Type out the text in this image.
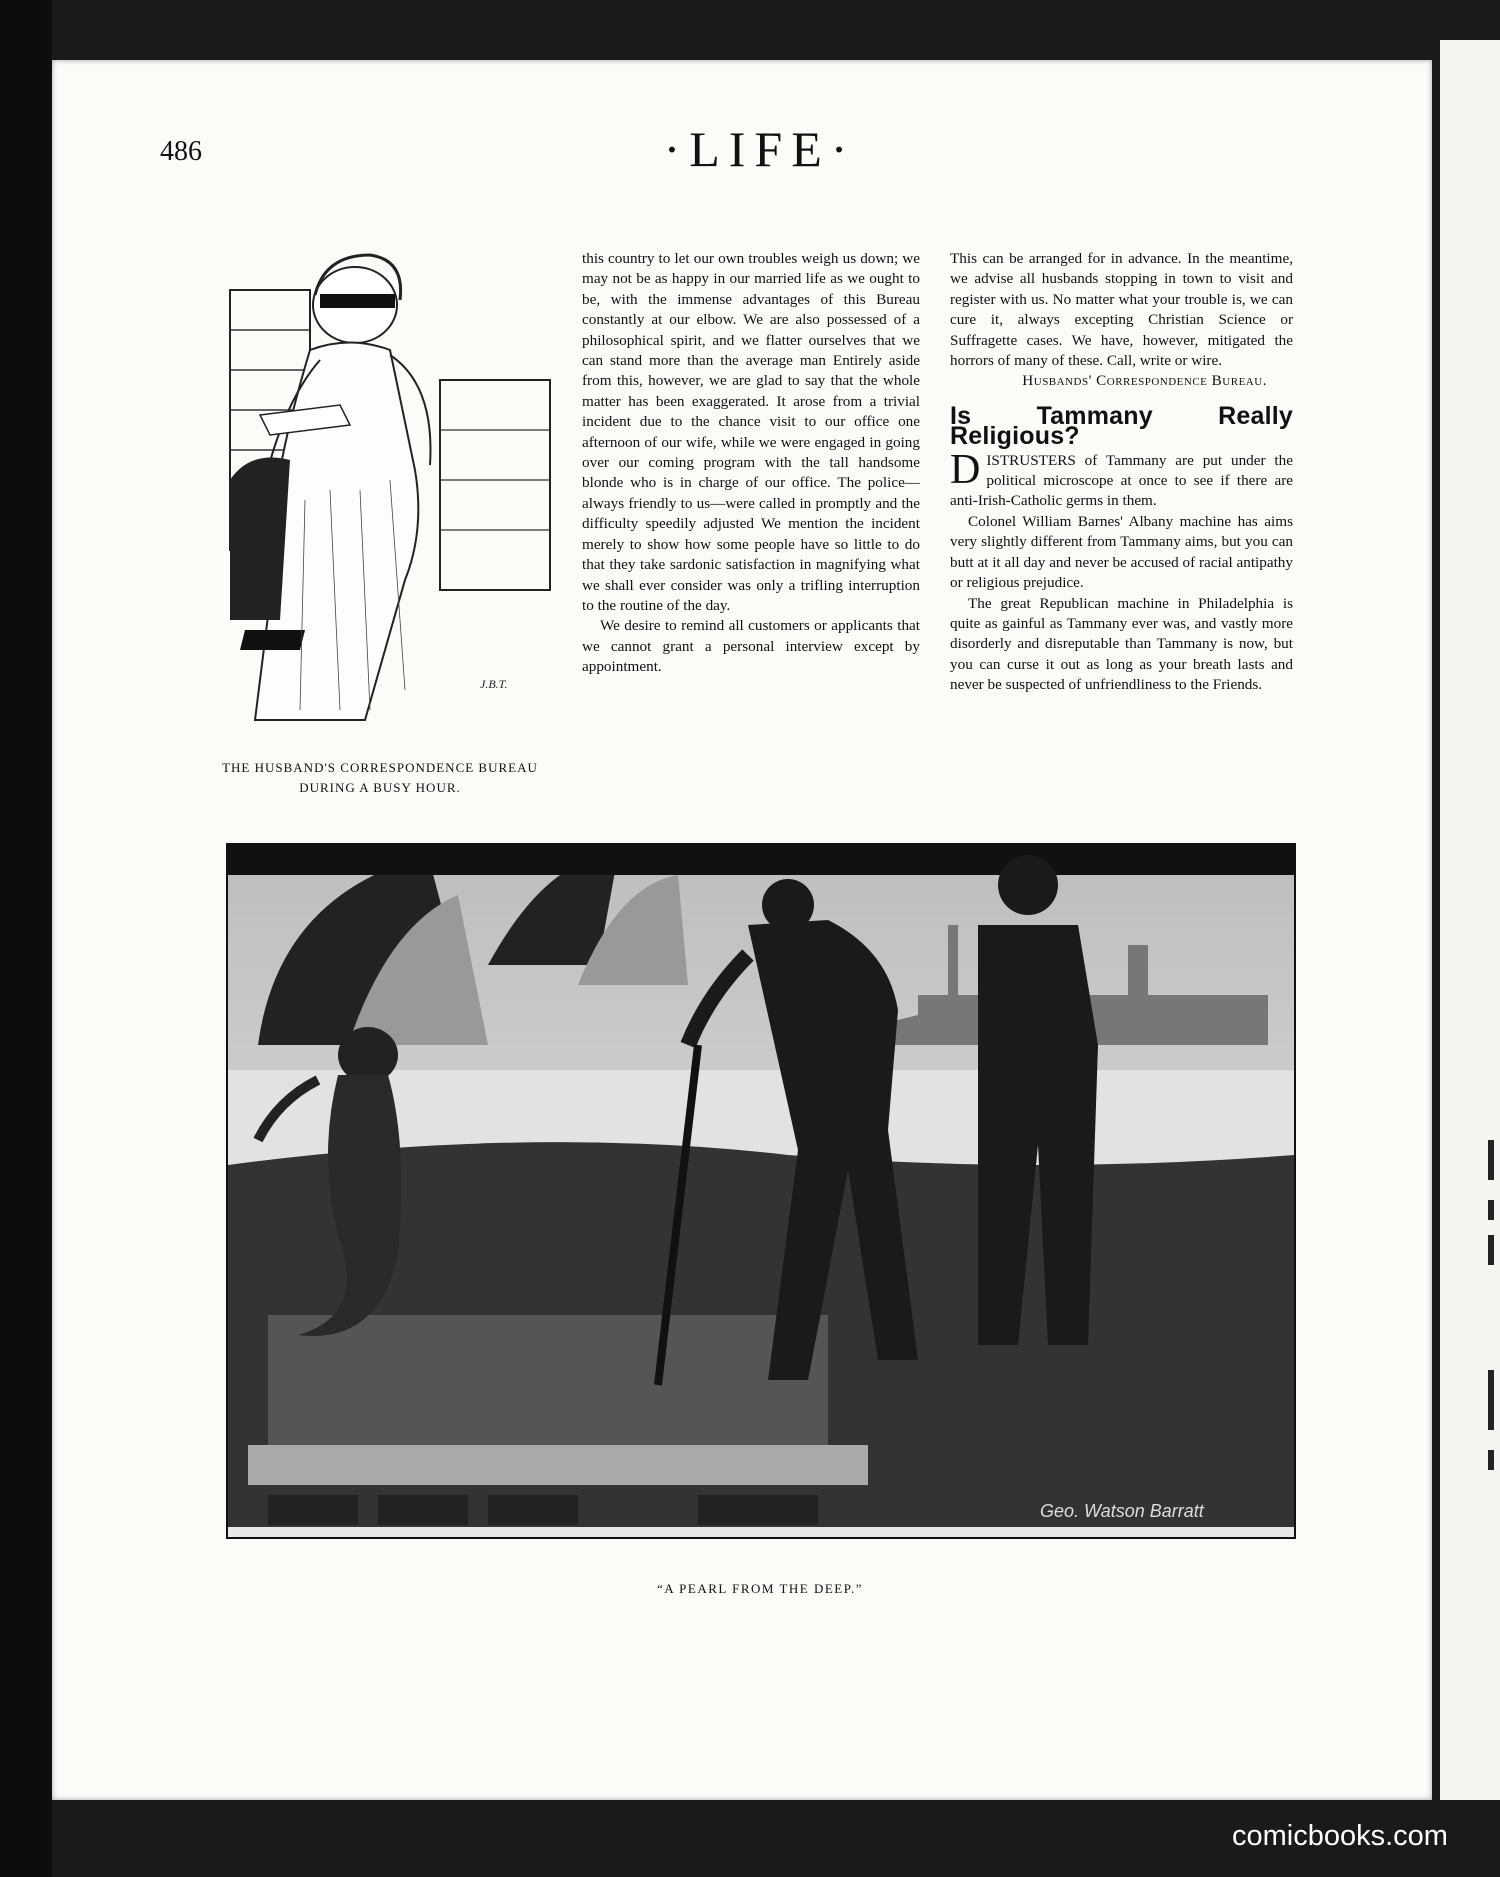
486	·LIFE·
J.B.T.
THE HUSBAND'S CORRESPONDENCE BUREAU
DURING A BUSY HOUR.

this country to let our own troubles weigh us down; we may not be as happy in our married life as we ought to be, with the immense advantages of this Bureau constantly at our elbow. We are also possessed of a philosophical spirit, and we flatter ourselves that we can stand more than the average man Entirely aside from this, however, we are glad to say that the whole matter has been exaggerated. It arose from a trivial incident due to the chance visit to our office one afternoon of our wife, while we were engaged in going over our coming program with the tall handsome blonde who is in charge of our office. The police—always friendly to us—were called in promptly and the difficulty speedily adjusted We mention the incident merely to show how some people have so little to do that they take sardonic satisfaction in magnifying what we shall ever consider was only a trifling interruption to the routine of the day.

We desire to remind all customers or applicants that we cannot grant a personal interview except by appointment.

This can be arranged for in advance. In the meantime, we advise all husbands stopping in town to visit and register with us. No matter what your trouble is, we can cure it, always excepting Christian Science or Suffragette cases. We have, however, mitigated the horrors of many of these. Call, write or wire.

Husbands' Correspondence Bureau.

Is Tammany Really Religious?

DISTRUSTERS of Tammany are put under the political microscope at once to see if there are anti-Irish-Catholic germs in them.

Colonel William Barnes' Albany machine has aims very slightly different from Tammany aims, but you can butt at it all day and never be accused of racial antipathy or religious prejudice.

The great Republican machine in Philadelphia is quite as gainful as Tammany ever was, and vastly more disorderly and disreputable than Tammany is now, but you can curse it out as long as your breath lasts and never be suspected of unfriendliness to the Friends.

Geo. Watson Barratt
“A PEARL FROM THE DEEP.”
comicbooks.com
